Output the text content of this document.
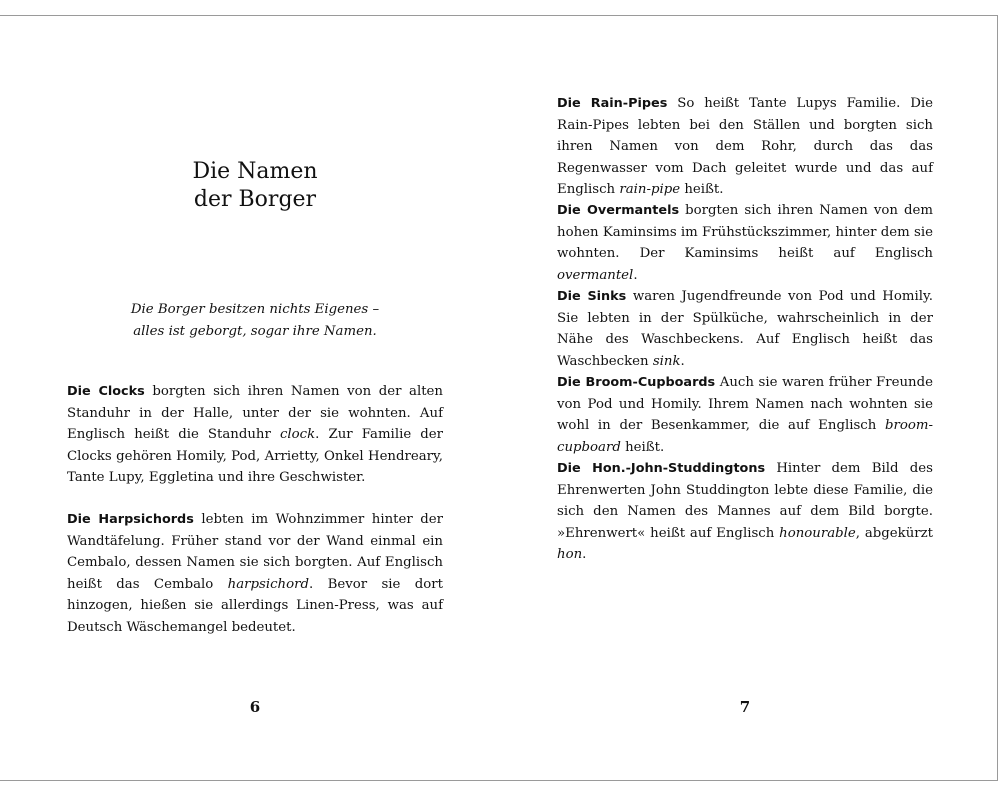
Die Namen
der Borger

Die Borger besitzen nichts Eigenes –
alles ist geborgt, sogar ihre Namen.

Die Clocks borgten sich ihren Namen von der alten Standuhr in der Halle, unter der sie wohnten. Auf Englisch heißt die Standuhr clock. Zur Familie der Clocks gehören Homily, Pod, Arrietty, Onkel Hendreary, Tante Lupy, Eggletina und ihre Geschwister.

Die Harpsichords lebten im Wohnzimmer hinter der Wandtäfelung. Früher stand vor der Wand einmal ein Cembalo, dessen Namen sie sich borgten. Auf Englisch heißt das Cembalo harpsichord. Bevor sie dort hinzogen, hießen sie allerdings Linen-Press, was auf Deutsch Wäschemangel bedeutet.

6

Die Rain-Pipes So heißt Tante Lupys Familie. Die Rain-Pipes lebten bei den Ställen und borgten sich ihren Namen von dem Rohr, durch das das Regenwasser vom Dach geleitet wurde und das auf Englisch rain-pipe heißt.

Die Overmantels borgten sich ihren Namen von dem hohen Kaminsims im Frühstückszimmer, hinter dem sie wohnten. Der Kaminsims heißt auf Englisch overmantel.

Die Sinks waren Jugendfreunde von Pod und Homily. Sie lebten in der Spülküche, wahrscheinlich in der Nähe des Waschbeckens. Auf Englisch heißt das Waschbecken sink.

Die Broom-Cupboards Auch sie waren früher Freunde von Pod und Homily. Ihrem Namen nach wohnten sie wohl in der Besenkammer, die auf Englisch broom-cupboard heißt.

Die Hon.-John-Studdingtons Hinter dem Bild des Ehrenwerten John Studdington lebte diese Familie, die sich den Namen des Mannes auf dem Bild borgte. »Ehrenwert« heißt auf Englisch honourable, abgekürzt hon.

7
